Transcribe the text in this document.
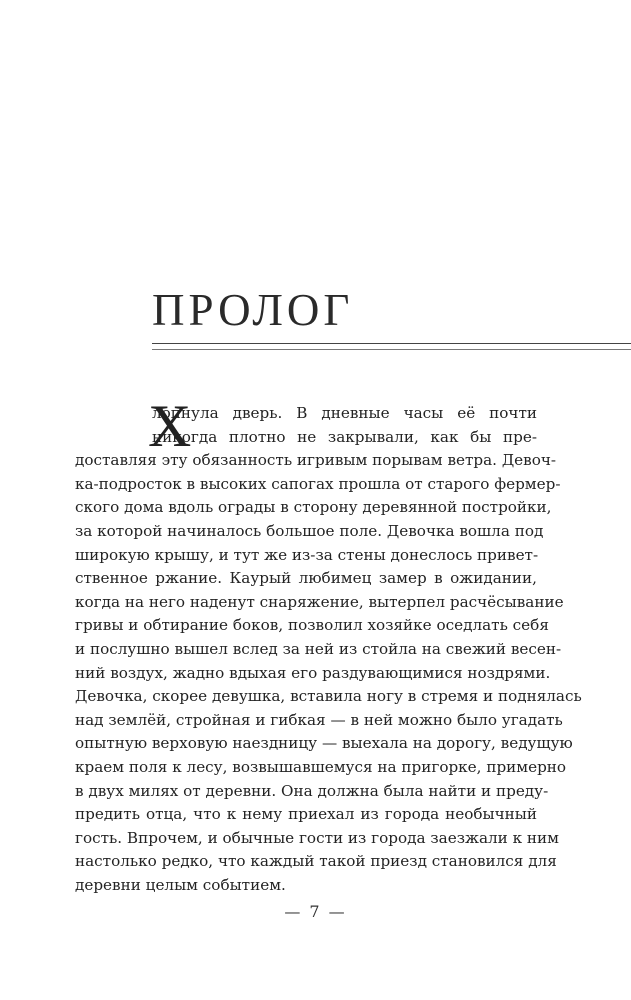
ПРОЛОГ
Х
лопнула дверь. В дневные часы её почти
никогда плотно не закрывали, как бы пре-
доставляя эту обязанность игривым порывам ветра. Девоч-
ка-подросток в высоких сапогах прошла от старого фермер-
ского дома вдоль ограды в сторону деревянной постройки,
за которой начиналось большое поле. Девочка вошла под
широкую крышу, и тут же из-за стены донеслось привет-
ственное ржание. Каурый любимец замер в ожидании,
когда на него наденут снаряжение, вытерпел расчёсывание
гривы и обтирание боков, позволил хозяйке оседлать себя
и послушно вышел вслед за ней из стойла на свежий весен-
ний воздух, жадно вдыхая его раздувающимися ноздрями.
Девочка, скорее девушка, вставила ногу в стремя и поднялась
над землёй, стройная и гибкая — в ней можно было угадать
опытную верховую наездницу — выехала на дорогу, ведущую
краем поля к лесу, возвышавшемуся на пригорке, примерно
в двух милях от деревни. Она должна была найти и преду-
предить отца, что к нему приехал из города необычный
гость. Впрочем, и обычные гости из города заезжали к ним
настолько редко, что каждый такой приезд становился для
деревни целым событием.
— 7 —
